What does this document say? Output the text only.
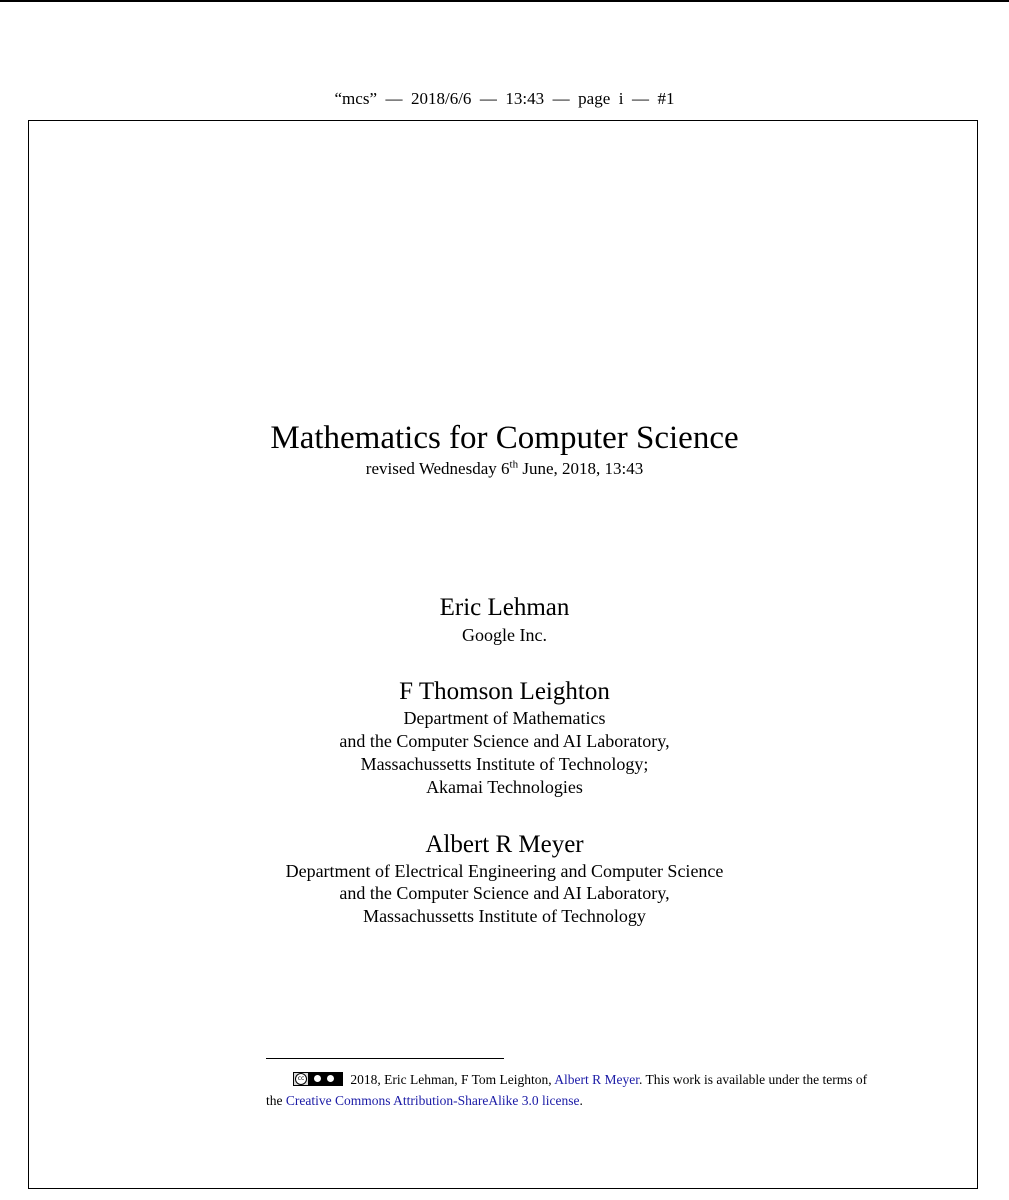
“mcs”  —  2018/6/6  —  13:43  —  page  i  —  #1
Mathematics for Computer Science
revised Wednesday 6th June, 2018, 13:43
Eric Lehman
Google Inc.
F Thomson Leighton
Department of Mathematics
and the Computer Science and AI Laboratory,
Massachussetts Institute of Technology;
Akamai Technologies
Albert R Meyer
Department of Electrical Engineering and Computer Science
and the Computer Science and AI Laboratory,
Massachussetts Institute of Technology
cc	2018, Eric Lehman, F Tom Leighton, Albert R Meyer. This work is available under the terms of the Creative Commons Attribution-ShareAlike 3.0 license.
